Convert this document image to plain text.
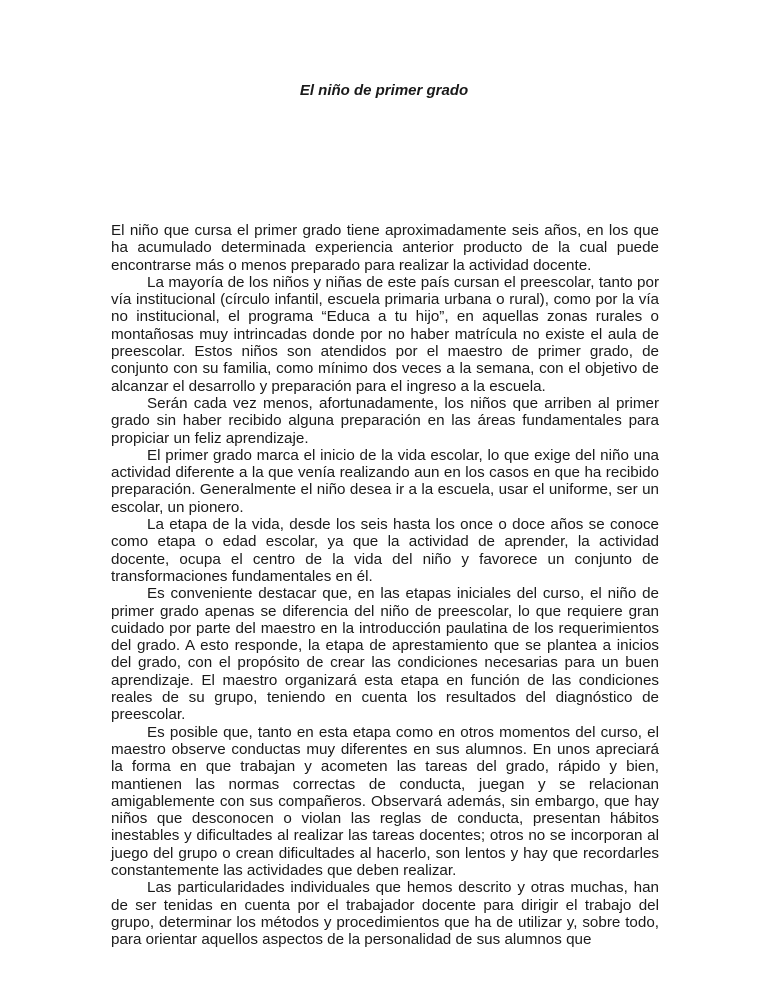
El niño de primer grado

El niño que cursa el primer grado tiene aproximadamente seis años, en los que ha acumulado determinada experiencia anterior producto de la cual puede encontrarse más o menos preparado para realizar la actividad docente.

La mayoría de los niños y niñas de este país cursan el preescolar, tanto por vía institucional (círculo infantil, escuela primaria urbana o rural), como por la vía no institucional, el programa “Educa a tu hijo”, en aquellas zonas rurales o montañosas muy intrincadas donde por no haber matrícula no existe el aula de preescolar. Estos niños son atendidos por el maestro de primer grado, de conjunto con su familia, como mínimo dos veces a la semana, con el objetivo de alcanzar el desarrollo y preparación para el ingreso a la escuela.

Serán cada vez menos, afortunadamente, los niños que arriben al primer grado sin haber recibido alguna preparación en las áreas fundamentales para propiciar un feliz aprendizaje.

El primer grado marca el inicio de la vida escolar, lo que exige del niño una actividad diferente a la que venía realizando aun en los casos en que ha recibido preparación. Generalmente el niño desea ir a la escuela, usar el uniforme, ser un escolar, un pionero.

La etapa de la vida, desde los seis hasta los once o doce años se conoce como etapa o edad escolar, ya que la actividad de aprender, la actividad docente, ocupa el centro de la vida del niño y favorece un conjunto de transformaciones fundamentales en él.

Es conveniente destacar que, en las etapas iniciales del curso, el niño de primer grado apenas se diferencia del niño de preescolar, lo que requiere gran cuidado por parte del maestro en la introducción paulatina de los requerimientos del grado. A esto responde, la etapa de aprestamiento que se plantea a inicios del grado, con el propósito de crear las condiciones necesarias para un buen aprendizaje. El maestro organizará esta etapa en función de las condiciones reales de su grupo, teniendo en cuenta los resultados del diagnóstico de preescolar.

Es posible que, tanto en esta etapa como en otros momentos del curso, el maestro observe conductas muy diferentes en sus alumnos. En unos apreciará la forma en que trabajan y acometen las tareas del grado, rápido y bien, mantienen las normas correctas de conducta, juegan y se relacionan amigablemente con sus compañeros. Observará además, sin embargo, que hay niños que desconocen o violan las reglas de conducta, presentan hábitos inestables y dificultades al realizar las tareas docentes; otros no se incorporan al juego del grupo o crean dificultades al hacerlo, son lentos y hay que recordarles constantemente las actividades que deben realizar.

Las particularidades individuales que hemos descrito y otras muchas, han de ser tenidas en cuenta por el trabajador docente para dirigir el trabajo del grupo, determinar los métodos y procedimientos que ha de utilizar y, sobre todo, para orientar aquellos aspectos de la personalidad de sus alumnos que
